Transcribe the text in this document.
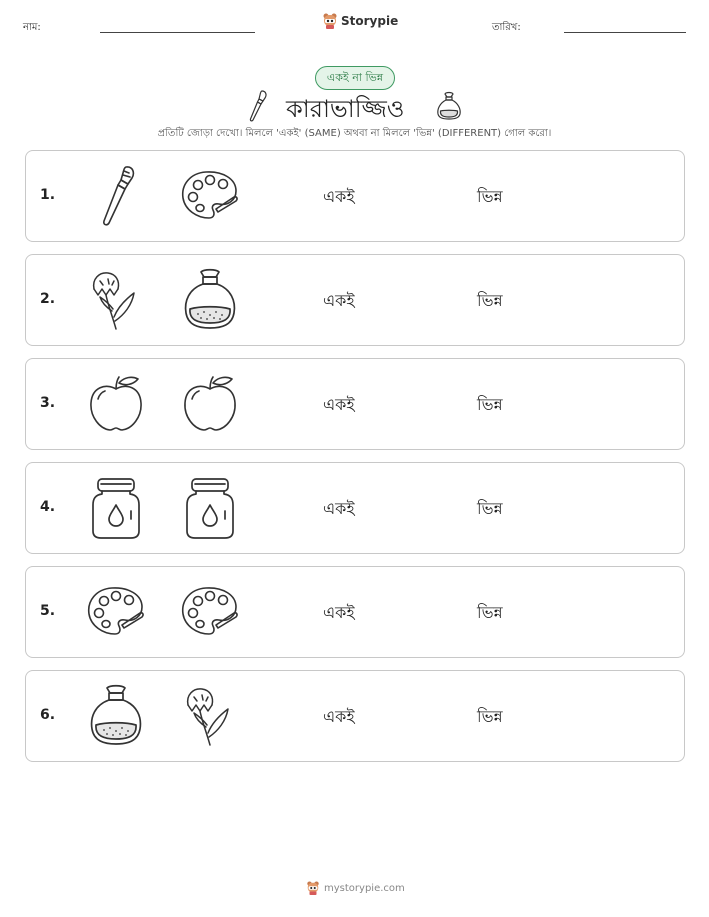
নাম:	Storypie	তারিখ:
একই না ভিন্ন
কারাভাজ্জিও
প্রতিটি জোড়া দেখো। মিললে 'একই' (SAME) অথবা না মিললে 'ভিন্ন' (DIFFERENT) গোল করো।
1.	একই	ভিন্ন
2.	একই	ভিন্ন
3.	একই	ভিন্ন
4.	একই	ভিন্ন
5.	একই	ভিন্ন
6.	একই	ভিন্ন
mystorypie.com
